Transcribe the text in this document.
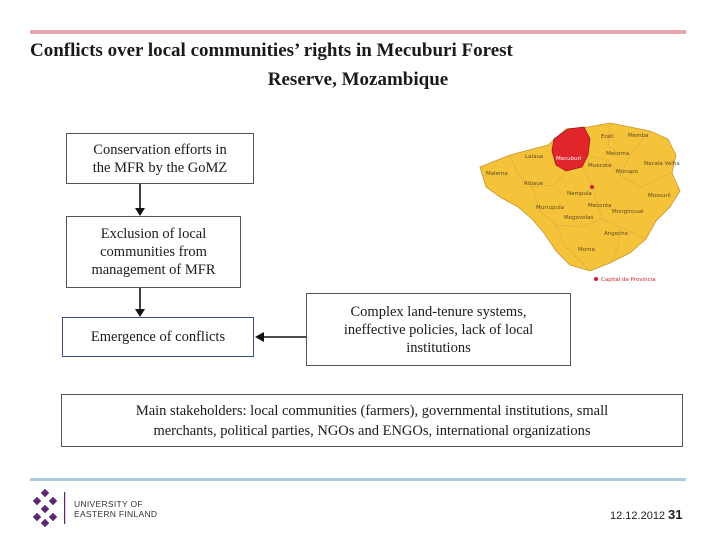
Conflicts over local communities’ rights in Mecuburi Forest
Reserve, Mozambique
Conservation efforts in
the MFR by the GoMZ
Exclusion of local
communities from
management of MFR
Emergence of conflicts
Complex land-tenure systems,
ineffective policies, lack of local
institutions
Main stakeholders: local communities (farmers), governmental institutions, small
merchants, political parties, NGOs and ENGOs, international organizations
Erati	Memba
Lalaua Mecuburi
Muecate
Mecoma
Nacala Velha
Malema
Ribaue
Monapo
Nampula	Mossuril
Murrupula	Meconta
Mogovolas
Mongincual
Angoche
Moma
Capital de Provincia
UNIVERSITY OF
EASTERN FINLAND	12.12.2012 31
